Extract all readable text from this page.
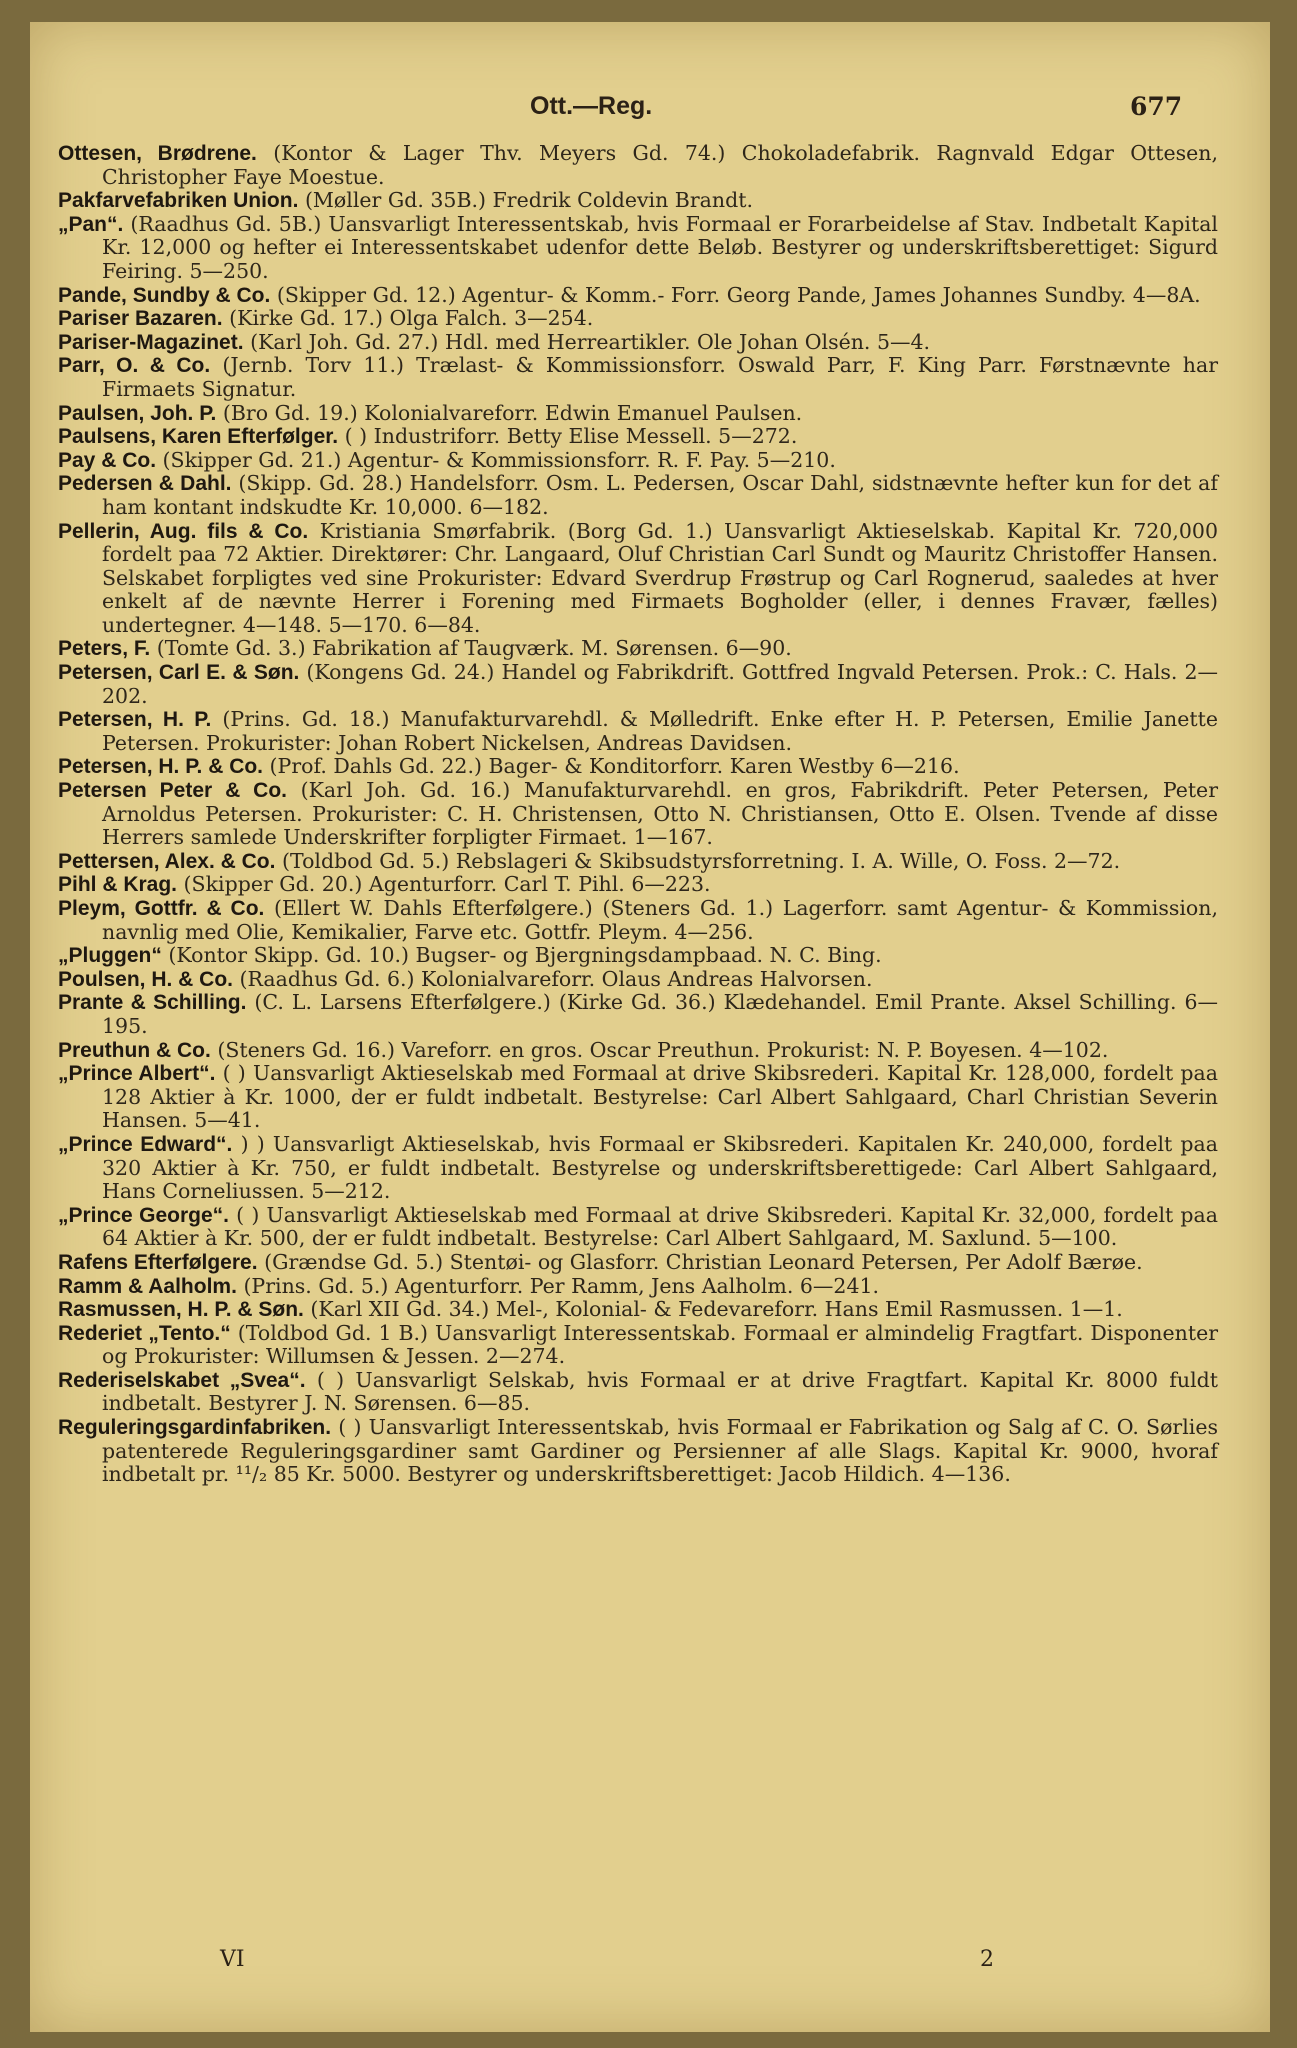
Ott.—Reg.	677

Ottesen, Brødrene. (Kontor & Lager Thv. Meyers Gd. 74.) Chokoladefabrik. Ragnvald Edgar Ottesen, Christopher Faye Moestue.

Pakfarvefabriken Union. (Møller Gd. 35B.) Fredrik Coldevin Brandt.

„Pan“. (Raadhus Gd. 5B.) Uansvarligt Interessentskab, hvis Formaal er Forarbeidelse af Stav. Indbetalt Kapital Kr. 12,000 og hefter ei Interessentskabet udenfor dette Beløb. Bestyrer og underskriftsberettiget: Sigurd Feiring. 5—250.

Pande, Sundby & Co. (Skipper Gd. 12.) Agentur- & Komm.- Forr. Georg Pande, James Johannes Sundby. 4—8A.

Pariser Bazaren. (Kirke Gd. 17.) Olga Falch. 3—254.

Pariser-Magazinet. (Karl Joh. Gd. 27.) Hdl. med Herreartikler. Ole Johan Olsén. 5—4.

Parr, O. & Co. (Jernb. Torv 11.) Trælast- & Kommissionsforr. Oswald Parr, F. King Parr. Førstnævnte har Firmaets Signatur.

Paulsen, Joh. P. (Bro Gd. 19.) Kolonialvareforr. Edwin Emanuel Paulsen.

Paulsens, Karen Efterfølger. ( ) Industriforr. Betty Elise Messell. 5—272.

Pay & Co. (Skipper Gd. 21.) Agentur- & Kommissionsforr. R. F. Pay. 5—210.

Pedersen & Dahl. (Skipp. Gd. 28.) Handelsforr. Osm. L. Pedersen, Oscar Dahl, sidstnævnte hefter kun for det af ham kontant indskudte Kr. 10,000. 6—182.

Pellerin, Aug. fils & Co. Kristiania Smørfabrik. (Borg Gd. 1.) Uansvarligt Aktieselskab. Kapital Kr. 720,000 fordelt paa 72 Aktier. Direktører: Chr. Langaard, Oluf Christian Carl Sundt og Mauritz Christoffer Hansen. Selskabet forpligtes ved sine Prokurister: Edvard Sverdrup Frøstrup og Carl Rognerud, saaledes at hver enkelt af de nævnte Herrer i Forening med Firmaets Bogholder (eller, i dennes Fravær, fælles) undertegner. 4—148. 5—170. 6—84.

Peters, F. (Tomte Gd. 3.) Fabrikation af Taugværk. M. Sørensen. 6—90.

Petersen, Carl E. & Søn. (Kongens Gd. 24.) Handel og Fabrikdrift. Gottfred Ingvald Petersen. Prok.: C. Hals. 2—202.

Petersen, H. P. (Prins. Gd. 18.) Manufakturvarehdl. & Mølledrift. Enke efter H. P. Petersen, Emilie Janette Petersen. Prokurister: Johan Robert Nickelsen, Andreas Davidsen.

Petersen, H. P. & Co. (Prof. Dahls Gd. 22.) Bager- & Konditorforr. Karen Westby 6—216.

Petersen Peter & Co. (Karl Joh. Gd. 16.) Manufakturvarehdl. en gros, Fabrikdrift. Peter Petersen, Peter Arnoldus Petersen. Prokurister: C. H. Christensen, Otto N. Christiansen, Otto E. Olsen. Tvende af disse Herrers samlede Underskrifter forpligter Firmaet. 1—167.

Pettersen, Alex. & Co. (Toldbod Gd. 5.) Rebslageri & Skibsudstyrsforretning. I. A. Wille, O. Foss. 2—72.

Pihl & Krag. (Skipper Gd. 20.) Agenturforr. Carl T. Pihl. 6—223.

Pleym, Gottfr. & Co. (Ellert W. Dahls Efterfølgere.) (Steners Gd. 1.) Lagerforr. samt Agentur- & Kommission, navnlig med Olie, Kemikalier, Farve etc. Gottfr. Pleym. 4—256.

„Pluggen“ (Kontor Skipp. Gd. 10.) Bugser- og Bjergningsdampbaad. N. C. Bing.

Poulsen, H. & Co. (Raadhus Gd. 6.) Kolonialvareforr. Olaus Andreas Halvorsen.

Prante & Schilling. (C. L. Larsens Efterfølgere.) (Kirke Gd. 36.) Klædehandel. Emil Prante. Aksel Schilling. 6—195.

Preuthun & Co. (Steners Gd. 16.) Vareforr. en gros. Oscar Preuthun. Prokurist: N. P. Boyesen. 4—102.

„Prince Albert“. ( ) Uansvarligt Aktieselskab med Formaal at drive Skibsrederi. Kapital Kr. 128,000, fordelt paa 128 Aktier à Kr. 1000, der er fuldt indbetalt. Bestyrelse: Carl Albert Sahlgaard, Charl Christian Severin Hansen. 5—41.

„Prince Edward“. ) ) Uansvarligt Aktieselskab, hvis Formaal er Skibsrederi. Kapitalen Kr. 240,000, fordelt paa 320 Aktier à Kr. 750, er fuldt indbetalt. Bestyrelse og underskriftsberettigede: Carl Albert Sahlgaard, Hans Corneliussen. 5—212.

„Prince George“. ( ) Uansvarligt Aktieselskab med Formaal at drive Skibsrederi. Kapital Kr. 32,000, fordelt paa 64 Aktier à Kr. 500, der er fuldt indbetalt. Bestyrelse: Carl Albert Sahlgaard, M. Saxlund. 5—100.

Rafens Efterfølgere. (Grændse Gd. 5.) Stentøi- og Glasforr. Christian Leonard Petersen, Per Adolf Bærøe.

Ramm & Aalholm. (Prins. Gd. 5.) Agenturforr. Per Ramm, Jens Aalholm. 6—241.

Rasmussen, H. P. & Søn. (Karl XII Gd. 34.) Mel-, Kolonial- & Fedevareforr. Hans Emil Rasmussen. 1—1.

Rederiet „Tento.“ (Toldbod Gd. 1 B.) Uansvarligt Interessentskab. Formaal er almindelig Fragtfart. Disponenter og Prokurister: Willumsen & Jessen. 2—274.

Rederiselskabet „Svea“. ( ) Uansvarligt Selskab, hvis Formaal er at drive Fragtfart. Kapital Kr. 8000 fuldt indbetalt. Bestyrer J. N. Sørensen. 6—85.

Reguleringsgardinfabriken. ( ) Uansvarligt Interessentskab, hvis Formaal er Fabrikation og Salg af C. O. Sørlies patenterede Reguleringsgardiner samt Gardiner og Persienner af alle Slags. Kapital Kr. 9000, hvoraf indbetalt pr. ¹¹/₂ 85 Kr. 5000. Bestyrer og underskriftsberettiget: Jacob Hildich. 4—136.

VI	2
